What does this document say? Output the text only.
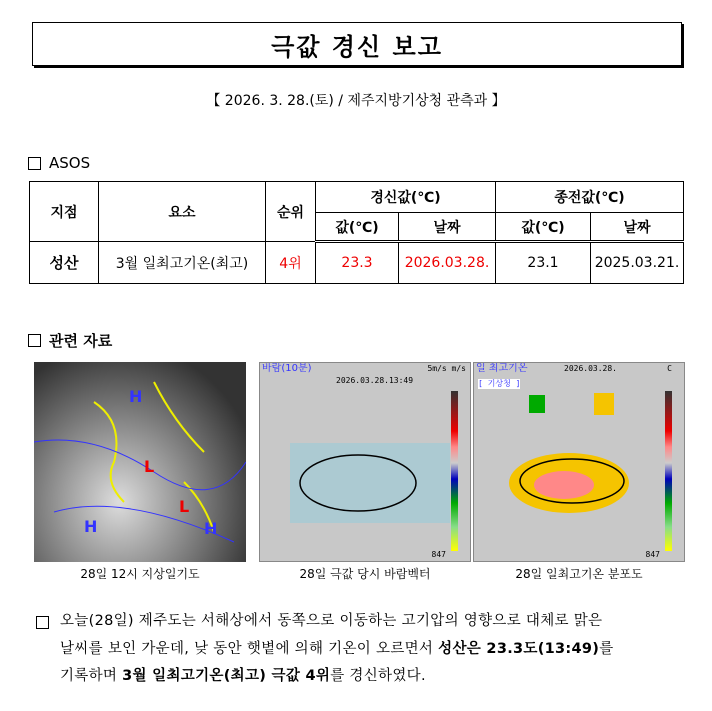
극값 경신 보고
【 2026. 3. 28.(토) / 제주지방기상청 관측과 】
ASOS
지점	요소	순위	경신값(℃)		종전값(℃)	
			값(℃)	날짜	값(℃)	날짜
성산	3월 일최고기온(최고)	4위	23.3	2026.03.28.	23.1	2025.03.21.
관련 자료
H
L
L
H	H
바람(10분)
2026.03.28.13:49
5m/s m/s
847
일 최고기온	2026.03.28.	C
[ 기상청 ]
847
28일 12시 지상일기도	28일 극값 당시 바람벡터	28일 일최고기온 분포도
오늘(28일) 제주도는 서해상에서 동쪽으로 이동하는 고기압의 영향으로 대체로 맑은
날씨를 보인 가운데, 낮 동안 햇볕에 의해 기온이 오르면서 성산은 23.3도(13:49)를
기록하며 3월 일최고기온(최고) 극값 4위를 경신하였다.
